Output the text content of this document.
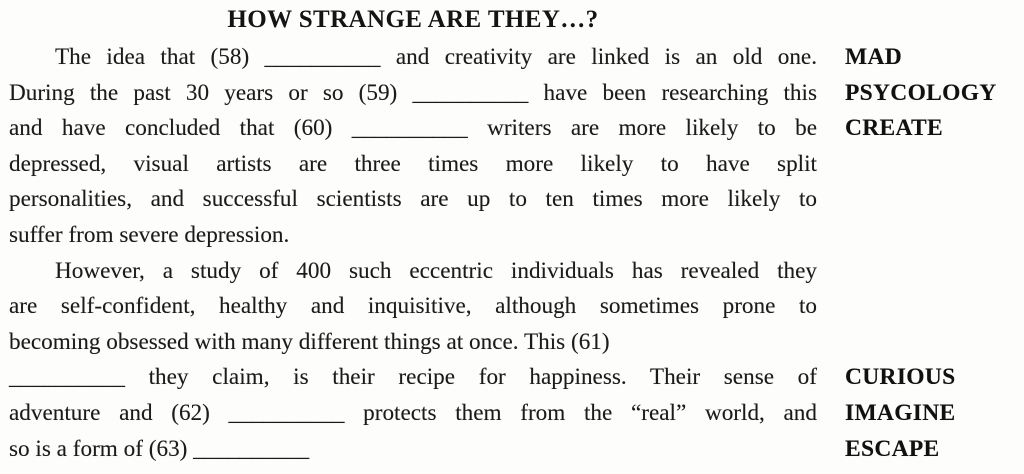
HOW STRANGE ARE THEY…?
The idea that (58) __________ and creativity are linked is an old one. MAD
During the past 30 years or so (59) __________ have been researching this PSYCOLOGY
and have concluded that (60) __________ writers are more likely to be CREATE
depressed, visual artists are three times more likely to have split
personalities, and successful scientists are up to ten times more likely to
suffer from severe depression.
However, a study of 400 such eccentric individuals has revealed they
are self-confident, healthy and inquisitive, although sometimes prone to
becoming obsessed with many different things at once. This (61)
__________ they claim, is their recipe for happiness. Their sense of CURIOUS
adventure and (62) __________ protects them from the “real” world, and IMAGINE
so is a form of (63) __________	ESCAPE
